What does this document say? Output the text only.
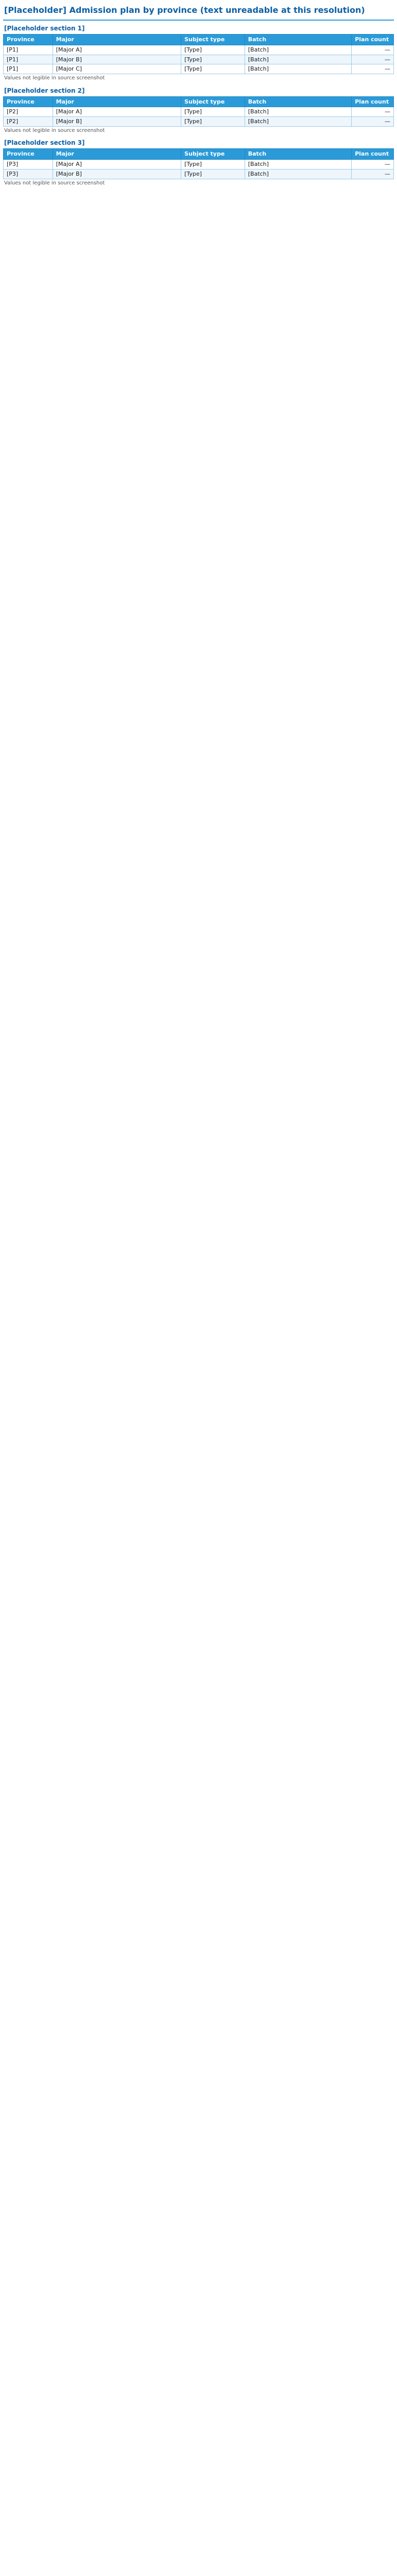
[Placeholder] Admission plan by province (text unreadable at this resolution)
[Placeholder section 1]
Province	Major	Subject type	Batch	Plan count
[P1]	[Major A]	[Type]	[Batch]	—
[P1]	[Major B]	[Type]	[Batch]	—
[P1]	[Major C]	[Type]	[Batch]	—
Values not legible in source screenshot
[Placeholder section 2]
Province	Major	Subject type	Batch	Plan count
[P2]	[Major A]	[Type]	[Batch]	—
[P2]	[Major B]	[Type]	[Batch]	—
Values not legible in source screenshot
[Placeholder section 3]
Province	Major	Subject type	Batch	Plan count
[P3]	[Major A]	[Type]	[Batch]	—
[P3]	[Major B]	[Type]	[Batch]	—
Values not legible in source screenshot
